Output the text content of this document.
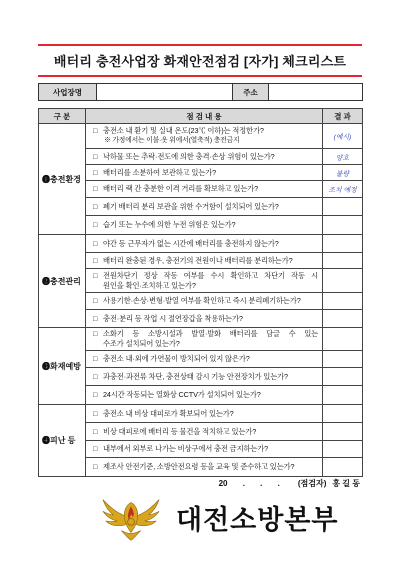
배터리 충전사업장 화재안전점검 [자가] 체크리스트
사업장명		주소	
구 분	점 검 내 용	결 과
❶충전환경	□ 충전소 내 환기 및 실내 온도(23℃ 이하)는 적정한가?
※ 가정에서는 이불·옷 위에서(열축적) 충전금지	(예시)

	□ 낙하물 또는 추락·전도에 의한 충격·손상 위험이 있는가?	양호

	□ 배터리를 소분하여 보관하고 있는가?	불량

	□ 배터리 랙 간 충분한 이격 거리를 확보하고 있는가?	조치 예정

	□ 폐기 배터리 분리 보관을 위한 수거함이 설치되어 있는가?	

	□ 습기 또는 누수에 의한 누전 위험은 있는가?	

❷충전관리	□ 야간 등 근무자가 없는 시간에 배터리를 충전하지 않는가?	

	□ 배터리 완충된 경우, 충전기의 전원이나 배터리를 분리하는가?	

	□ 전원차단기 정상 작동 여부를 수시 확인하고 차단기 작동 시
원인을 확인·조치하고 있는가?	

	□ 사용기한·손상·변형·발열 여부를 확인하고 즉시 분리폐기하는가?	

	□ 충전·분리 등 작업 시 절연장갑을 착용하는가?	

❸화재예방	□ 소화기 등 소방시설과 발열·발화 배터리를 담글 수 있는
수조가 설치되어 있는가?	

	□ 충전소 내·외에 가연물이 방치되어 있지 않은가?	

	□ 과충전·과전류 차단, 충전상태 감시 기능 안전장치가 있는가?	

	□ 24시간 작동되는 열화상 CCTV가 설치되어 있는가?	

❹피난 등	□ 충전소 내 비상 대피로가 확보되어 있는가?	

	□ 비상 대피로에 배터리 등 물건을 적치하고 있는가?	

	□ 내부에서 외부로 나가는 비상구에서 충전 금지하는가?	

	□ 제조사 안전기준, 소방안전요령 등을 교육 및 준수하고 있는가?	

20 . . . (점검자) 홍 길 동
대전소방본부
